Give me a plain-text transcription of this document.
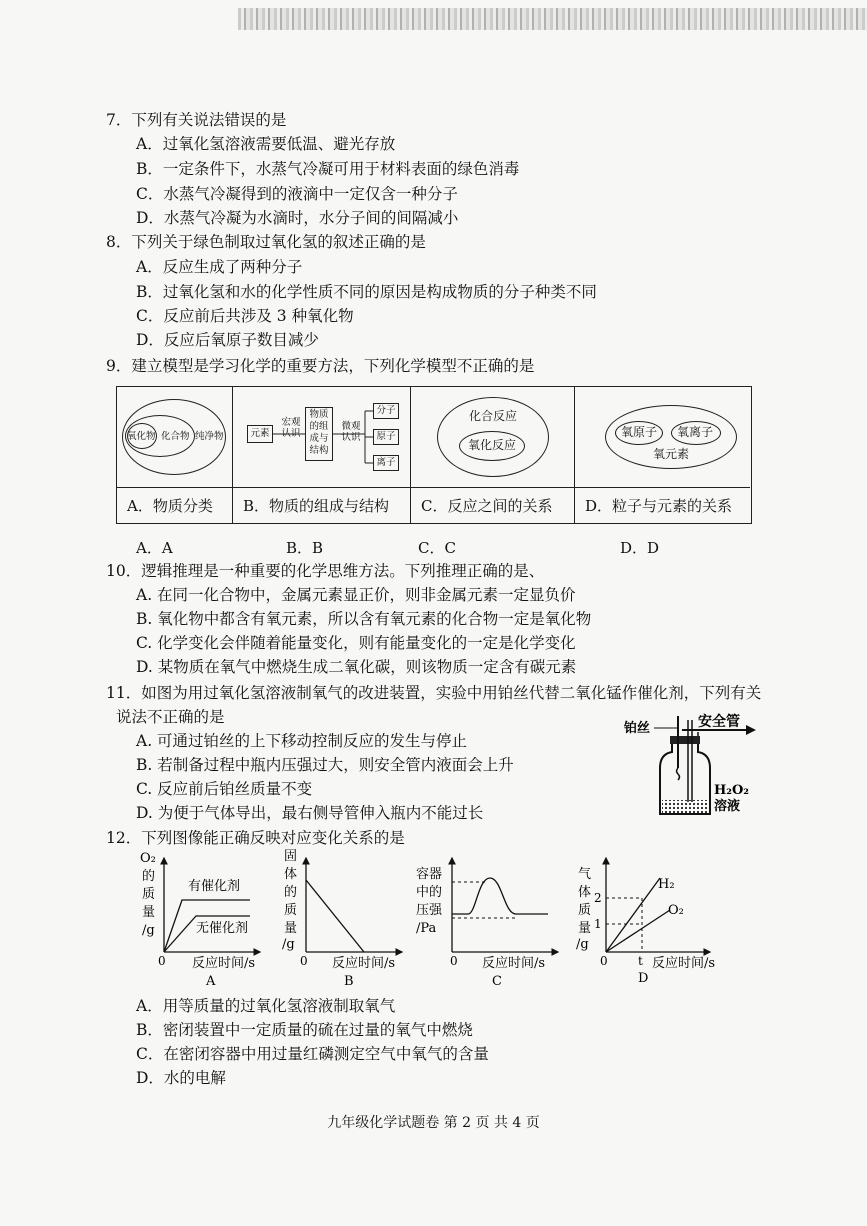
7．下列有关说法错误的是
A．过氧化氢溶液需要低温、避光存放
B．一定条件下，水蒸气冷凝可用于材料表面的绿色消毒
C．水蒸气冷凝得到的液滴中一定仅含一种分子
D．水蒸气冷凝为水滴时，水分子间的间隔减小
8．下列关于绿色制取过氧化氢的叙述正确的是
A．反应生成了两种分子
B．过氧化氢和水的化学性质不同的原因是构成物质的分子种类不同
C．反应前后共涉及 3 种氧化物
D．反应后氧原子数目减少
9．建立模型是学习化学的重要方法，下列化学模型不正确的是
氧化物 化合物 纯净物	元素
宏观认识
物质
的组
成与
结构
微观认识
分子
原子
离子
化合反应
氧化反应
氧原子 氧离子
氧元素
A．物质分类	B．物质的组成与结构	C．反应之间的关系	D．粒子与元素的关系
A．A	B．B	C．C	D．D
10．逻辑推理是一种重要的化学思维方法。下列推理正确的是、
A. 在同一化合物中，金属元素显正价，则非金属元素一定显负价
B. 氧化物中都含有氧元素，所以含有氧元素的化合物一定是氧化物
C. 化学变化会伴随着能量变化，则有能量变化的一定是化学变化
D. 某物质在氧气中燃烧生成二氧化碳，则该物质一定含有碳元素
11．如图为用过氧化氢溶液制氧气的改进装置，实验中用铂丝代替二氧化锰作催化剂，下列有关
说法不正确的是
A. 可通过铂丝的上下移动控制反应的发生与停止
B. 若制备过程中瓶内压强过大，则安全管内液面会上升
C. 反应前后铂丝质量不变
D. 为便于气体导出，最右侧导管伸入瓶内不能过长
铂丝	安全管
H₂O₂
溶液
12．下列图像能正确反映对应变化关系的是
O₂
的
质
量
/g
有催化剂
无催化剂
0 反应时间/s
A
固
体
的
质
量
/g
0 反应时间/s
B
容器
中的
压强
/Pa
0 反应时间/s
C
气
体
质
量
/g
2
1
H₂
O₂
0	t 反应时间/s
D
A．用等质量的过氧化氢溶液制取氧气
B．密闭装置中一定质量的硫在过量的氧气中燃烧
C．在密闭容器中用过量红磷测定空气中氧气的含量
D．水的电解
九年级化学试题卷 第 2 页 共 4 页
